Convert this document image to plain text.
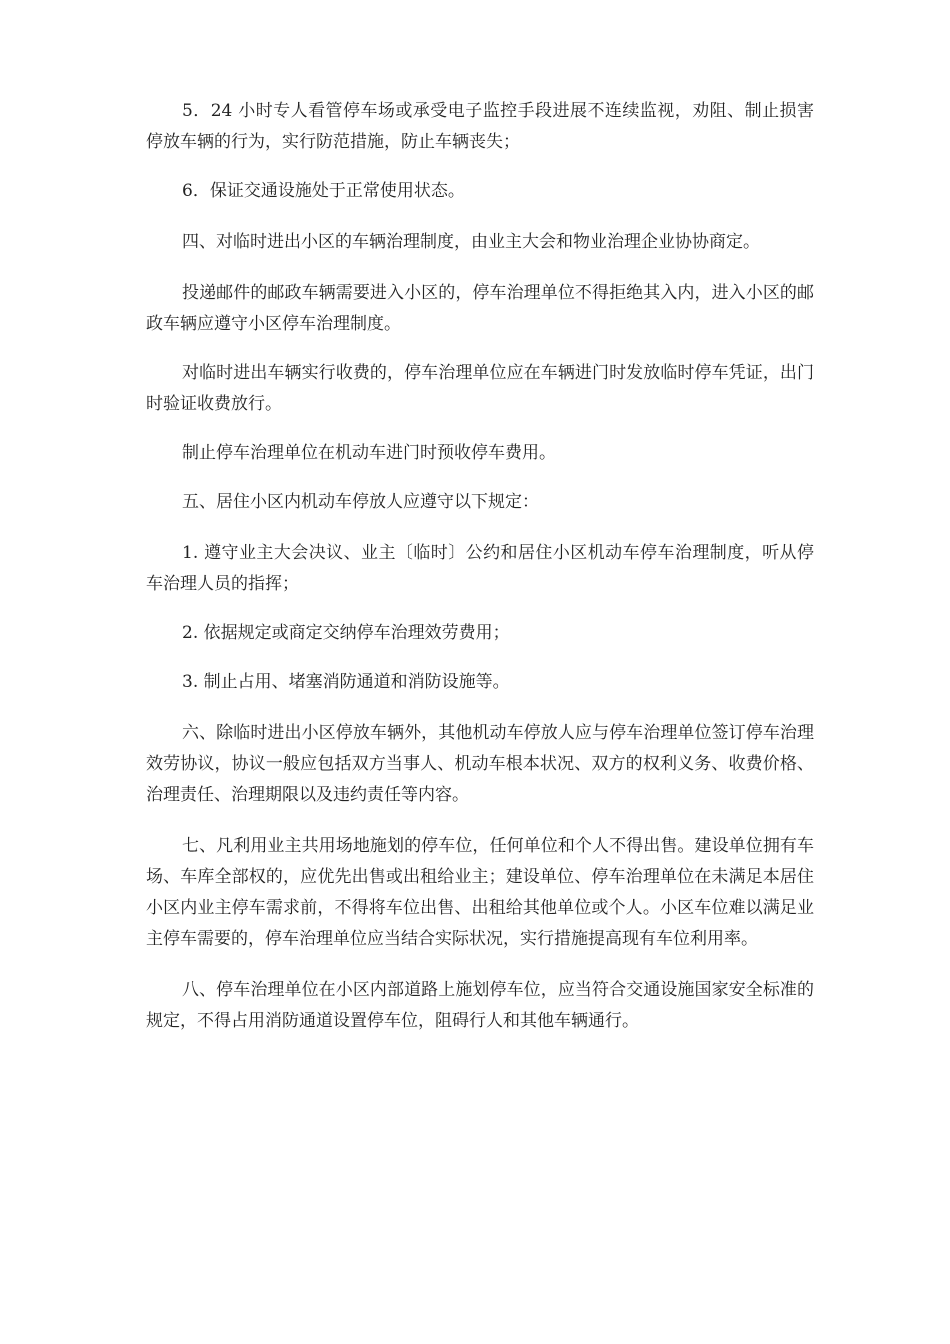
5．24 小时专人看管停车场或承受电子监控手段进展不连续监视，劝阻、制止损害停放车辆的行为，实行防范措施，防止车辆丧失；

6．保证交通设施处于正常使用状态。

四、对临时进出小区的车辆治理制度，由业主大会和物业治理企业协协商定。

投递邮件的邮政车辆需要进入小区的，停车治理单位不得拒绝其入内，进入小区的邮政车辆应遵守小区停车治理制度。

对临时进出车辆实行收费的，停车治理单位应在车辆进门时发放临时停车凭证，出门时验证收费放行。

制止停车治理单位在机动车进门时预收停车费用。

五、居住小区内机动车停放人应遵守以下规定：

1. 遵守业主大会决议、业主〔临时〕公约和居住小区机动车停车治理制度，听从停车治理人员的指挥；

2. 依据规定或商定交纳停车治理效劳费用；

3. 制止占用、堵塞消防通道和消防设施等。

六、除临时进出小区停放车辆外，其他机动车停放人应与停车治理单位签订停车治理效劳协议，协议一般应包括双方当事人、机动车根本状况、双方的权利义务、收费价格、治理责任、治理期限以及违约责任等内容。

七、凡利用业主共用场地施划的停车位，任何单位和个人不得出售。建设单位拥有车场、车库全部权的，应优先出售或出租给业主；建设单位、停车治理单位在未满足本居住小区内业主停车需求前，不得将车位出售、出租给其他单位或个人。小区车位难以满足业主停车需要的，停车治理单位应当结合实际状况，实行措施提高现有车位利用率。

八、停车治理单位在小区内部道路上施划停车位，应当符合交通设施国家安全标准的规定，不得占用消防通道设置停车位，阻碍行人和其他车辆通行。
